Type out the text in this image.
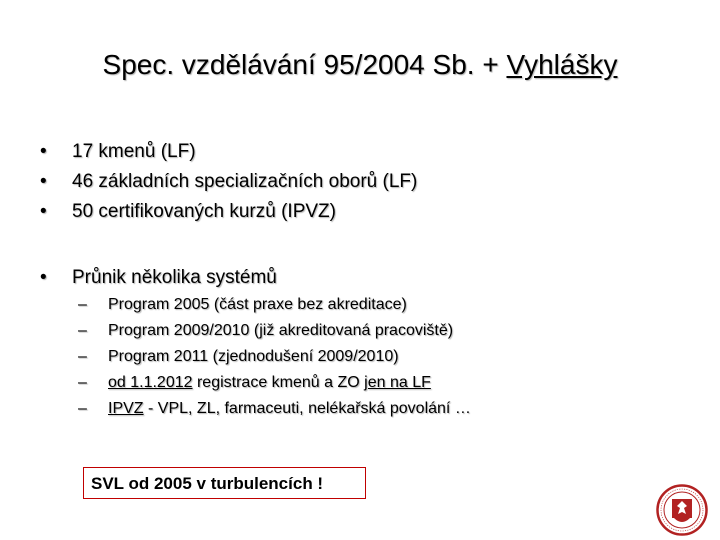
Spec. vzdělávání 95/2004 Sb. + Vyhlášky
• 17 kmenů (LF)
• 46 základních specializačních oborů (LF)
• 50 certifikovaných kurzů (IPVZ)
• Průnik několika systémů
– Program 2005 (část praxe bez akreditace)
– Program 2009/2010 (již akreditovaná pracoviště)
– Program 2011 (zjednodušení 2009/2010)
– od 1.1.2012 registrace kmenů a ZO jen na LF
– IPVZ - VPL, ZL, farmaceuti, nelékařská povolání …
SVL od 2005 v turbulencích !
